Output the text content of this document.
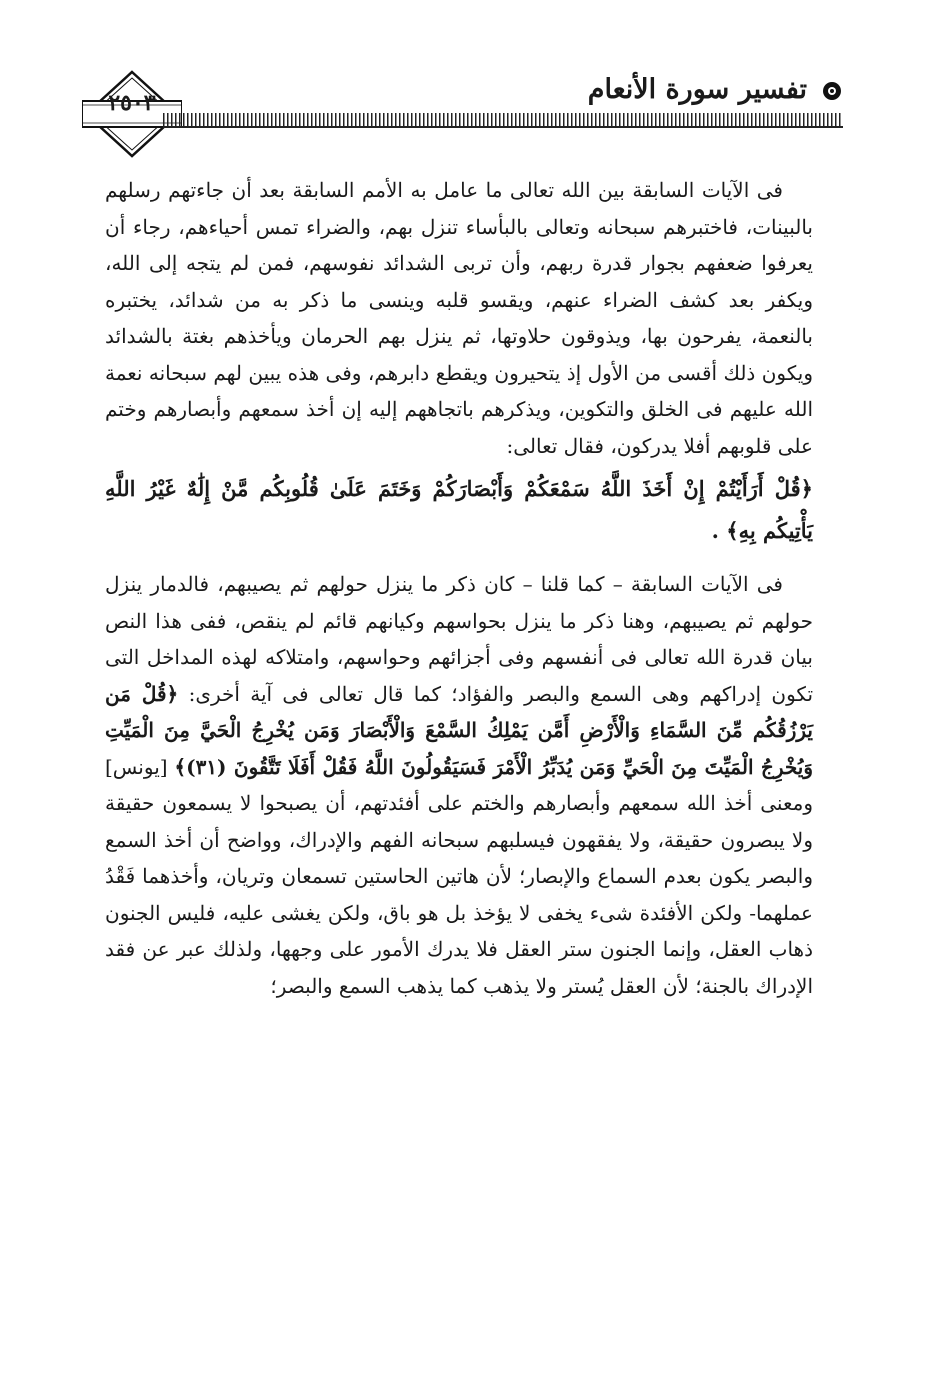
٢٥٠٣	تفسير سورة الأنعام

فى الآيات السابقة بين الله تعالى ما عامل به الأمم السابقة بعد أن جاءتهم رسلهم بالبينات، فاختبرهم سبحانه وتعالى بالبأساء تنزل بهم، والضراء تمس أحياءهم، رجاء أن يعرفوا ضعفهم بجوار قدرة ربهم، وأن تربى الشدائد نفوسهم، فمن لم يتجه إلى الله، ويكفر بعد كشف الضراء عنهم، ويقسو قلبه وينسى ما ذكر به من شدائد، يختبره بالنعمة، يفرحون بها، ويذوقون حلاوتها، ثم ينزل بهم الحرمان ويأخذهم بغتة بالشدائد ويكون ذلك أقسى من الأول إذ يتحيرون ويقطع دابرهم، وفى هذه يبين لهم سبحانه نعمة الله عليهم فى الخلق والتكوين، ويذكرهم باتجاههم إليه إن أخذ سمعهم وأبصارهم وختم على قلوبهم أفلا يدركون، فقال تعالى:

﴿قُلْ أَرَأَيْتُمْ إِنْ أَخَذَ اللَّهُ سَمْعَكُمْ وَأَبْصَارَكُمْ وَخَتَمَ عَلَىٰ قُلُوبِكُم مَّنْ إِلَٰهٌ غَيْرُ اللَّهِ يَأْتِيكُم بِهِ﴾ .

فى الآيات السابقة – كما قلنا – كان ذكر ما ينزل حولهم ثم يصيبهم، فالدمار ينزل حولهم ثم يصيبهم، وهنا ذكر ما ينزل بحواسهم وكيانهم قائم لم ينقص، ففى هذا النص بيان قدرة الله تعالى فى أنفسهم وفى أجزائهم وحواسهم، وامتلاكه لهذه المداخل التى تكون إدراكهم وهى السمع والبصر والفؤاد؛ كما قال تعالى فى آية أخرى: ﴿قُلْ مَن يَرْزُقُكُم مِّنَ السَّمَاءِ وَالْأَرْضِ أَمَّن يَمْلِكُ السَّمْعَ وَالْأَبْصَارَ وَمَن يُخْرِجُ الْحَيَّ مِنَ الْمَيِّتِ وَيُخْرِجُ الْمَيِّتَ مِنَ الْحَيِّ وَمَن يُدَبِّرُ الْأَمْرَ فَسَيَقُولُونَ اللَّهُ فَقُلْ أَفَلَا تَتَّقُونَ (٣١)﴾ [يونس] ومعنى أخذ الله سمعهم وأبصارهم والختم على أفئدتهم، أن يصبحوا لا يسمعون حقيقة ولا يبصرون حقيقة، ولا يفقهون فيسلبهم سبحانه الفهم والإدراك، وواضح أن أخذ السمع والبصر يكون بعدم السماع والإبصار؛ لأن هاتين الحاستين تسمعان وتريان، وأخذهما فَقْدُ عملهما- ولكن الأفئدة شىء يخفى لا يؤخذ بل هو باق، ولكن يغشى عليه، فليس الجنون ذهاب العقل، وإنما الجنون ستر العقل فلا يدرك الأمور على وجهها، ولذلك عبر عن فقد الإدراك بالجنة؛ لأن العقل يُستر ولا يذهب كما يذهب السمع والبصر؛
